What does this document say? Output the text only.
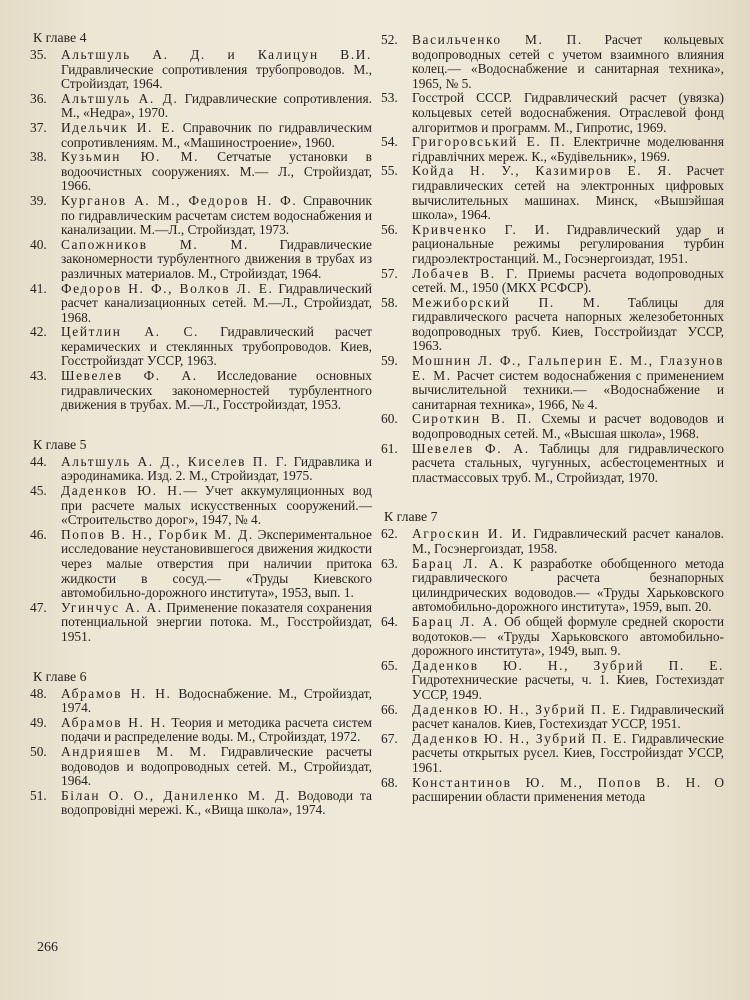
К главе 4
35.	Альтшуль А. Д. и Калицун В.И. Гидравлические сопротивления трубопроводов. М., Стройиздат, 1964.
36.	Альтшуль А. Д. Гидравлические сопротивления. М., «Недра», 1970.
37.	Идельчик И. Е. Справочник по гидравлическим сопротивлениям. М., «Машиностроение», 1960.
38.	Кузьмин Ю. М. Сетчатые установки в водоочистных сооружениях. М.— Л., Стройиздат, 1966.
39.	Курганов А. М., Федоров Н. Ф. Справочник по гидравлическим расчетам систем водоснабжения и канализации. М.—Л., Стройиздат, 1973.
40.	Сапожников М. М. Гидравлические закономерности турбулентного движения в трубах из различных материалов. М., Стройиздат, 1964.
41.	Федоров Н. Ф., Волков Л. Е. Гидравлический расчет канализационных сетей. М.—Л., Стройиздат, 1968.
42.	Цейтлин А. С. Гидравлический расчет керамических и стеклянных трубопроводов. Киев, Госстройиздат УССР, 1963.
43.	Шевелев Ф. А. Исследование основных гидравлических закономерностей турбулентного движения в трубах. М.—Л., Госстройиздат, 1953.
К главе 5
44.	Альтшуль А. Д., Киселев П. Г. Гидравлика и аэродинамика. Изд. 2. М., Стройиздат, 1975.
45.	Даденков Ю. Н.— Учет аккумуляционных вод при расчете малых искусственных сооружений.— «Строительство дорог», 1947, № 4.
46.	Попов В. Н., Горбик М. Д. Экспериментальное исследование неустановившегося движения жидкости через малые отверстия при наличии притока жидкости в сосуд.— «Труды Киевского автомобильно-дорожного института», 1953, вып. 1.
47.	Угинчус А. А. Применение показателя сохранения потенциальной энергии потока. М., Госстройиздат, 1951.
К главе 6
48.	Абрамов Н. Н. Водоснабжение. М., Стройиздат, 1974.
49.	Абрамов Н. Н. Теория и методика расчета систем подачи и распределение воды. М., Стройиздат, 1972.
50.	Андрияшев М. М. Гидравлические расчеты водоводов и водопроводных сетей. М., Стройиздат, 1964.
51.	Білан О. О., Даниленко М. Д. Водоводи та водопровідні мережі. К., «Вища школа», 1974.
52.	Васильченко М. П. Расчет кольцевых водопроводных сетей с учетом взаимного влияния колец.— «Водоснабжение и санитарная техника», 1965, № 5.
53.	Госстрой СССР. Гидравлический расчет (увязка) кольцевых сетей водоснабжения. Отраслевой фонд алгоритмов и программ. М., Гипротис, 1969.
54.	Григоровський Е. П. Електричне моделювання гідравлічних мереж. К., «Будівельник», 1969.
55.	Койда Н. У., Казимиров Е. Я. Расчет гидравлических сетей на электронных цифровых вычислительных машинах. Минск, «Вышэйшая школа», 1964.
56.	Кривченко Г. И. Гидравлический удар и рациональные режимы регулирования турбин гидроэлектростанций. М., Госэнергоиздат, 1951.
57.	Лобачев В. Г. Приемы расчета водопроводных сетей. М., 1950 (МКХ РСФСР).
58.	Межиборский П. М. Таблицы для гидравлического расчета напорных железобетонных водопроводных труб. Киев, Госстройиздат УССР, 1963.
59.	Мошнин Л. Ф., Гальперин Е. М., Глазунов Е. М. Расчет систем водоснабжения с применением вычислительной техники.— «Водоснабжение и санитарная техника», 1966, № 4.
60.	Сироткин В. П. Схемы и расчет водоводов и водопроводных сетей. М., «Высшая школа», 1968.
61.	Шевелев Ф. А. Таблицы для гидравлического расчета стальных, чугунных, асбестоцементных и пластмассовых труб. М., Стройиздат, 1970.
К главе 7
62.	Агроскин И. И. Гидравлический расчет каналов. М., Госэнергоиздат, 1958.
63.	Барац Л. А. К разработке обобщенного метода гидравлического расчета безнапорных цилиндрических водоводов.— «Труды Харьковского автомобильно-дорожного института», 1959, вып. 20.
64.	Барац Л. А. Об общей формуле средней скорости водотоков.— «Труды Харьковского автомобильно-дорожного института», 1949, вып. 9.
65.	Даденков Ю. Н., Зубрий П. Е. Гидротехнические расчеты, ч. 1. Киев, Гостехиздат УССР, 1949.
66.	Даденков Ю. Н., Зубрий П. Е. Гидравлический расчет каналов. Киев, Гостехиздат УССР, 1951.
67.	Даденков Ю. Н., Зубрий П. Е. Гидравлические расчеты открытых русел. Киев, Госстройиздат УССР, 1961.
68.	Константинов Ю. М., Попов В. Н. О расширении области применения метода
266
